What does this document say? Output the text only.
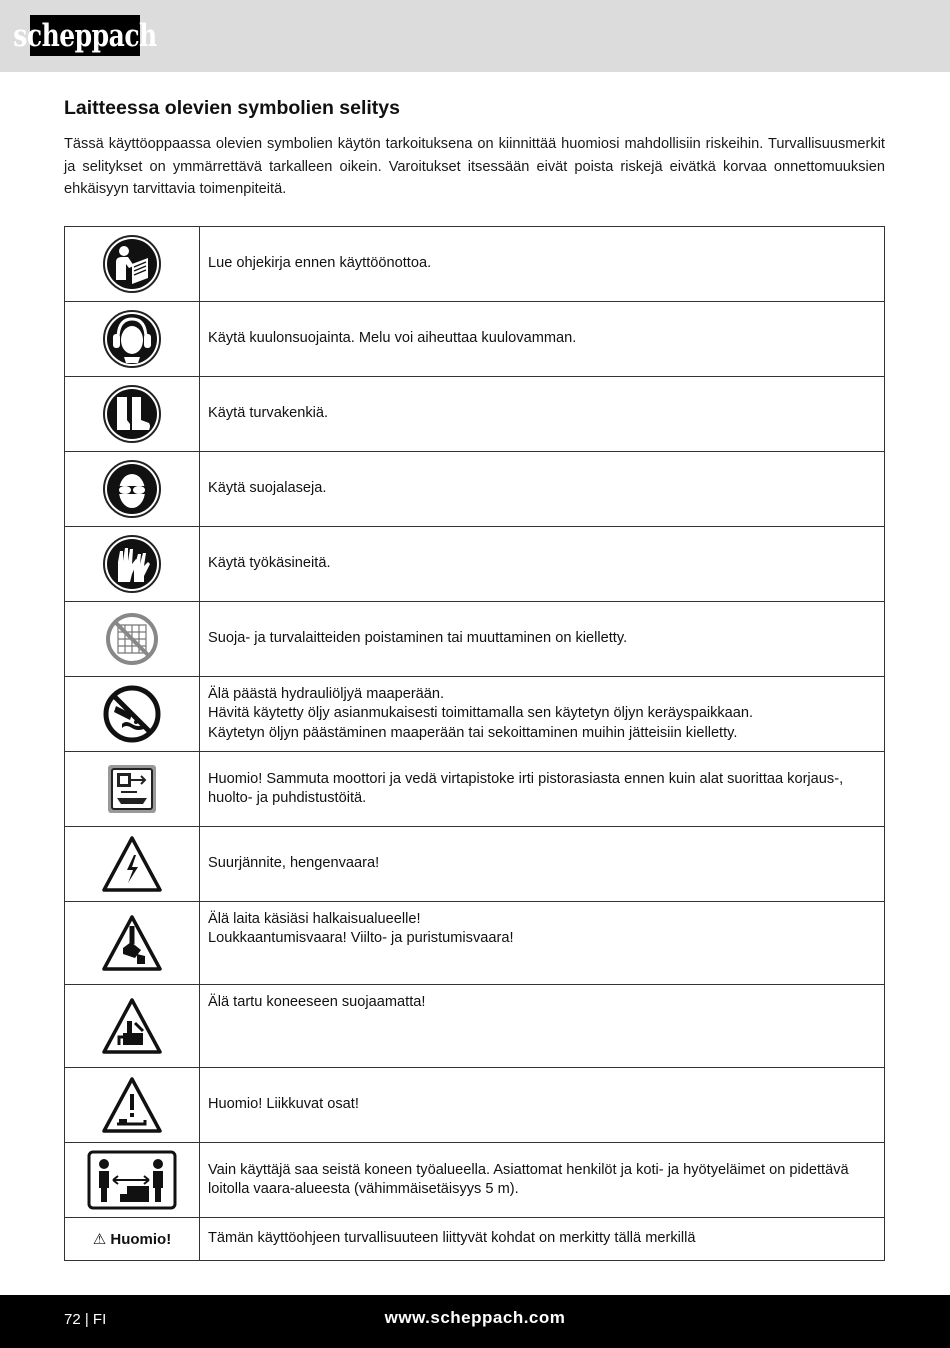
scheppach
Laitteessa olevien symbolien selitys

Tässä käyttöoppaassa olevien symbolien käytön tarkoituksena on kiinnittää huomiosi mahdollisiin riskeihin. Turvallisuusmerkit ja selitykset on ymmärrettävä tarkalleen oikein. Varoitukset itsessään eivät poista riskejä eivätkä korvaa onnettomuuksien ehkäisyyn tarvittavia toimenpiteitä.

Lue ohjekirja ennen käyttöönottoa.

Käytä kuulonsuojainta. Melu voi aiheuttaa kuulovamman.

Käytä turvakenkiä.

Käytä suojalaseja.

Käytä työkäsineitä.

Suoja- ja turvalaitteiden poistaminen tai muuttaminen on kielletty.

Älä päästä hydrauliöljyä maaperään.
Hävitä käytetty öljy asianmukaisesti toimittamalla sen käytetyn öljyn keräyspaikkaan.
Käytetyn öljyn päästäminen maaperään tai sekoittaminen muihin jätteisiin kielletty.

Huomio! Sammuta moottori ja vedä virtapistoke irti pistorasiasta ennen kuin alat suorittaa korjaus-, huolto- ja puhdistustöitä.

Suurjännite, hengenvaara!

Älä laita käsiäsi halkaisualueelle!
Loukkaantumisvaara! Viilto- ja puristumisvaara!

Älä tartu koneeseen suojaamatta!

Huomio! Liikkuvat osat!

Vain käyttäjä saa seistä koneen työalueella. Asiattomat henkilöt ja koti- ja hyötyeläimet on pidettävä loitolla vaara-alueesta (vähimmäisetäisyys 5 m).

⚠ Huomio!	Tämän käyttöohjeen turvallisuuteen liittyvät kohdat on merkitty tällä merkillä
72 | FI	www.scheppach.com
